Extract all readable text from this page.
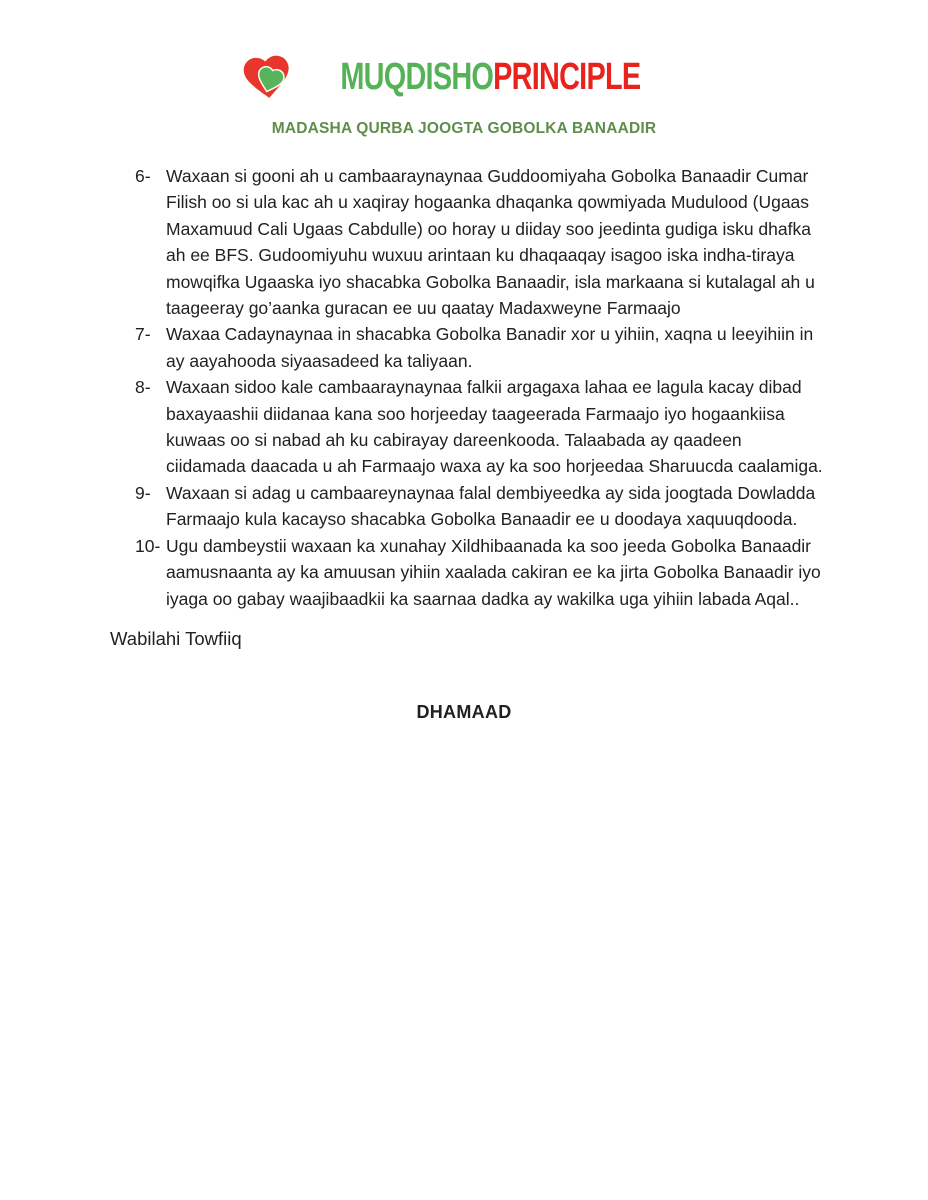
MUQDISHOPRINCIPLE
MADASHA QURBA JOOGTA GOBOLKA BANAADIR
6- Waxaan si gooni ah u cambaaraynaynaa Guddoomiyaha Gobolka Banaadir Cumar Filish oo si ula kac ah u xaqiray hogaanka dhaqanka qowmiyada Mudulood (Ugaas Maxamuud Cali Ugaas Cabdulle) oo horay u diiday soo jeedinta gudiga isku dhafka ah ee BFS. Gudoomiyuhu wuxuu arintaan ku dhaqaaqay isagoo iska indha-tiraya mowqifka Ugaaska iyo shacabka Gobolka Banaadir, isla markaana si kutalagal ah u taageeray go’aanka guracan ee uu qaatay Madaxweyne Farmaajo
7- Waxaa Cadaynaynaa in shacabka Gobolka Banadir xor u yihiin, xaqna u leeyihiin in ay aayahooda siyaasadeed ka taliyaan.
8- Waxaan sidoo kale cambaaraynaynaa falkii argagaxa lahaa ee lagula kacay dibad baxayaashii diidanaa kana soo horjeeday taageerada Farmaajo iyo hogaankiisa kuwaas oo si nabad ah ku cabirayay dareenkooda. Talaabada ay qaadeen ciidamada daacada u ah Farmaajo waxa ay ka soo horjeedaa Sharuucda caalamiga.
9- Waxaan si adag u cambaareynaynaa falal dembiyeedka ay sida joogtada Dowladda Farmaajo kula kacayso shacabka Gobolka Banaadir ee u doodaya xaquuqdooda.
10- Ugu dambeystii waxaan ka xunahay Xildhibaanada ka soo jeeda Gobolka Banaadir aamusnaanta ay ka amuusan yihiin xaalada cakiran ee ka jirta Gobolka Banaadir iyo iyaga oo gabay waajibaadkii ka saarnaa dadka ay wakilka uga yihiin labada Aqal..
Wabilahi Towfiiq
DHAMAAD
